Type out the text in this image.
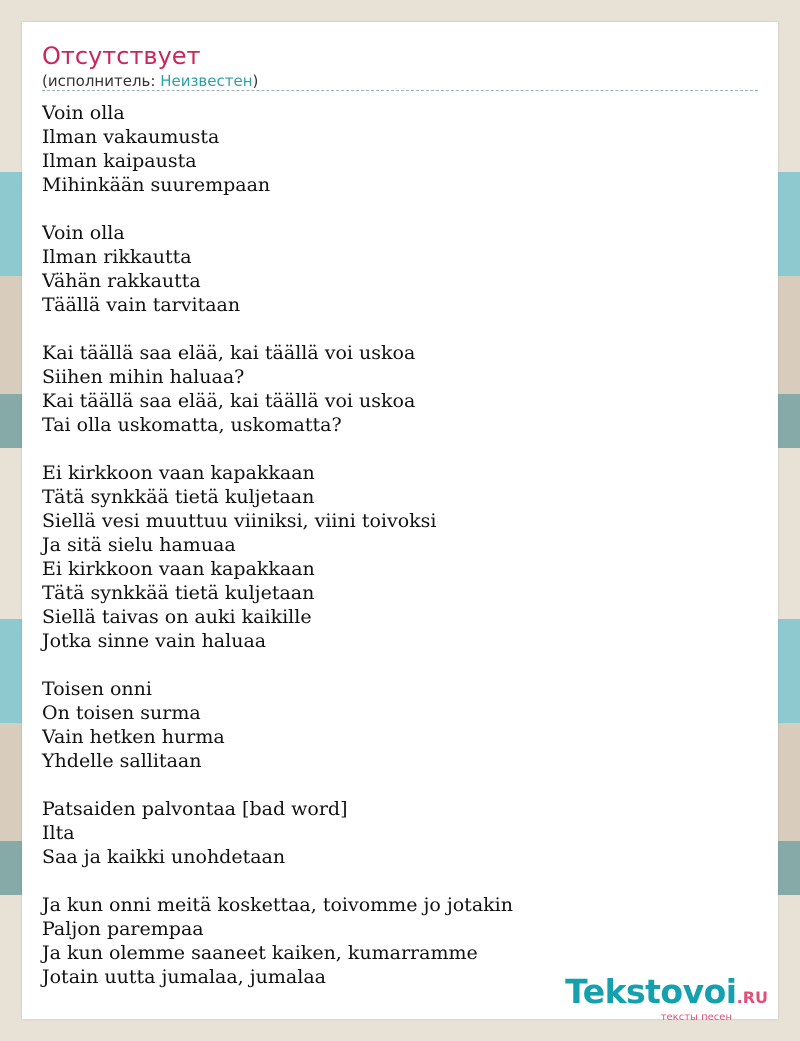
Отсутствует
(исполнитель: Неизвестен)
Voin olla
Ilman vakaumusta
Ilman kaipausta
Mihinkään suurempaan

Voin olla
Ilman rikkautta
Vähän rakkautta
Täällä vain tarvitaan

Kai täällä saa elää, kai täällä voi uskoa
Siihen mihin haluaa?
Kai täällä saa elää, kai täällä voi uskoa
Tai olla uskomatta, uskomatta?

Ei kirkkoon vaan kapakkaan
Tätä synkkää tietä kuljetaan
Siellä vesi muuttuu viiniksi, viini toivoksi
Ja sitä sielu hamuaa
Ei kirkkoon vaan kapakkaan
Tätä synkkää tietä kuljetaan
Siellä taivas on auki kaikille
Jotka sinne vain haluaa

Toisen onni
On toisen surma
Vain hetken hurma
Yhdelle sallitaan

Patsaiden palvontaa [bad word]
Ilta
Saa ja kaikki unohdetaan

Ja kun onni meitä koskettaa, toivomme jo jotakin
Paljon parempaa
Ja kun olemme saaneet kaiken, kumarramme
Jotain uutta jumalaa, jumalaa	Tekstovoi.RU
тексты песен
